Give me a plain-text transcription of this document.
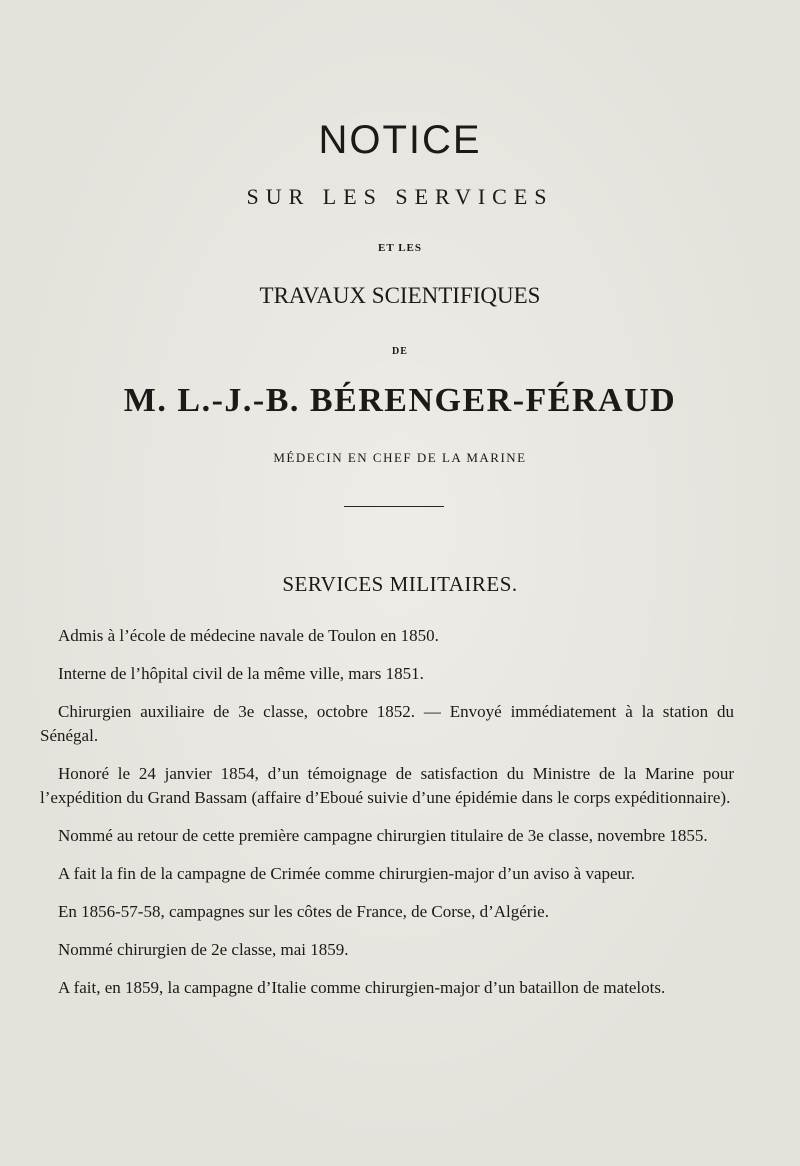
NOTICE
SUR LES SERVICES
ET LES
TRAVAUX SCIENTIFIQUES
DE
M. L.-J.-B. BÉRENGER-FÉRAUD
MÉDECIN EN CHEF DE LA MARINE
SERVICES MILITAIRES.

Admis à l’école de médecine navale de Toulon en 1850.

Interne de l’hôpital civil de la même ville, mars 1851.

Chirurgien auxiliaire de 3e classe, octobre 1852. — Envoyé immédiatement à la station du Sénégal.

Honoré le 24 janvier 1854, d’un témoignage de satisfaction du Ministre de la Marine pour l’expédition du Grand Bassam (affaire d’Eboué suivie d’une épidémie dans le corps expéditionnaire).

Nommé au retour de cette première campagne chirurgien titulaire de 3e classe, novembre 1855.

A fait la fin de la campagne de Crimée comme chirurgien-major d’un aviso à vapeur.

En 1856-57-58, campagnes sur les côtes de France, de Corse, d’Algérie.

Nommé chirurgien de 2e classe, mai 1859.

A fait, en 1859, la campagne d’Italie comme chirurgien-major d’un bataillon de matelots.
